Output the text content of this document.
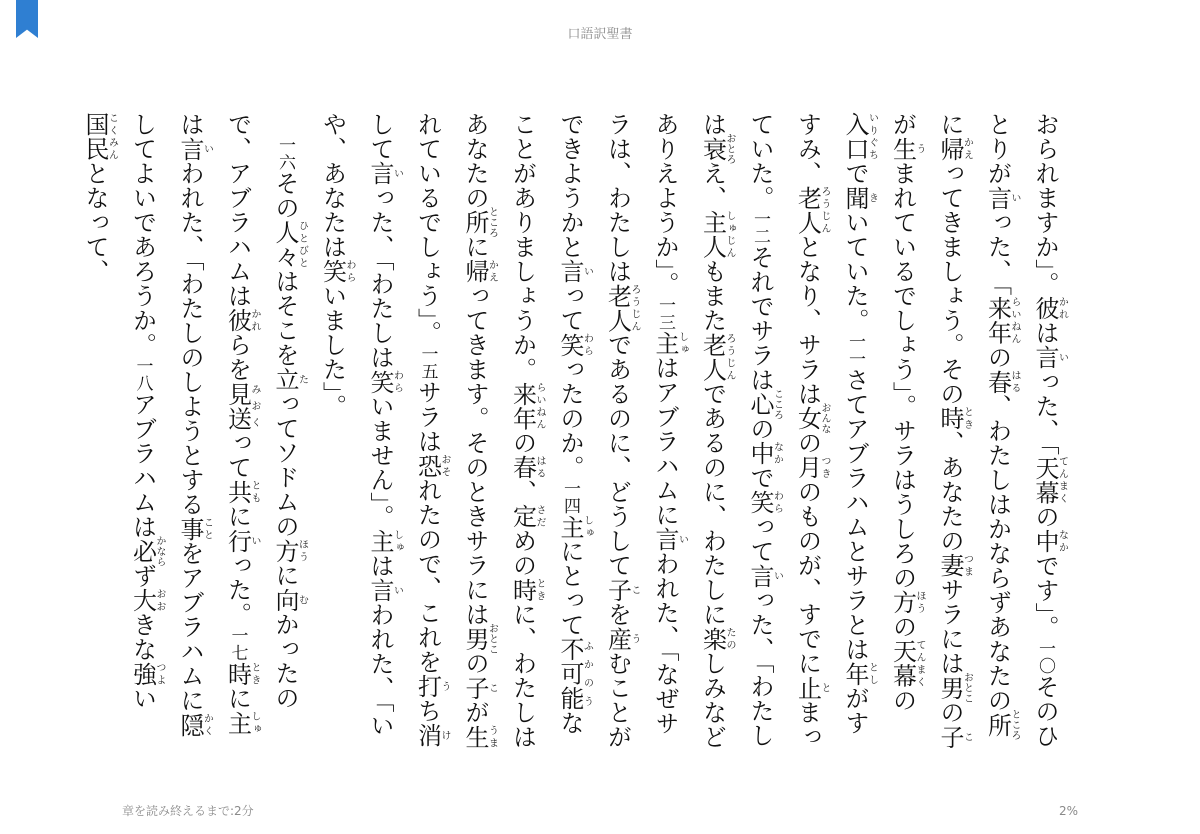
口語訳聖書

おられますか」。彼かれは言いった、「天幕てんまくの中なかです」。一〇そのひとりが言いった、「来年らいねんの春はる、わたしはかならずあなたの所ところに帰かえってきましょう。その時とき、あなたの妻つまサラには男おとこの子こが生うまれているでしょう」。サラはうしろの方ほうの天幕てんまくの入口いりぐちで聞きいていた。一一さてアブラハムとサラとは年としがすすみ、老人ろうじんとなり、サラは女おんなの月つきのものが、すでに止とまっていた。一二それでサラは心こころの中なかで笑わらって言いった、「わたしは衰おとろえ、主人しゅじんもまた老人ろうじんであるのに、わたしに楽たのしみなどありえようか」。一三主しゅはアブラハムに言いわれた、「なぜサラは、わたしは老人ろうじんであるのに、どうして子こを産うむことができようかと言いって笑わらったのか。一四主しゅにとって不可能ふかのうなことがありましょうか。来年らいねんの春はる、定さだめの時ときに、わたしはあなたの所ところに帰かえってきます。そのときサラには男おとこの子こが生うまれているでしょう」。一五サラは恐おそれたので、これを打うち消けして言いった、「わたしは笑わらいません」。主しゅは言いわれた、「いや、あなたは笑わらいました」。

一六その人々ひとびとはそこを立たってソドムの方ほうに向むかったので、アブラハムは彼かれらを見送みおくって共ともに行いった。一七時ときに主しゅは言いわれた、「わたしのしようとする事ことをアブラハムに隠かくしてよいであろうか。一八アブラハムは必かならず大おおきな強つよい国民こくみんとなって、

章を読み終えるまで:2分	2%
